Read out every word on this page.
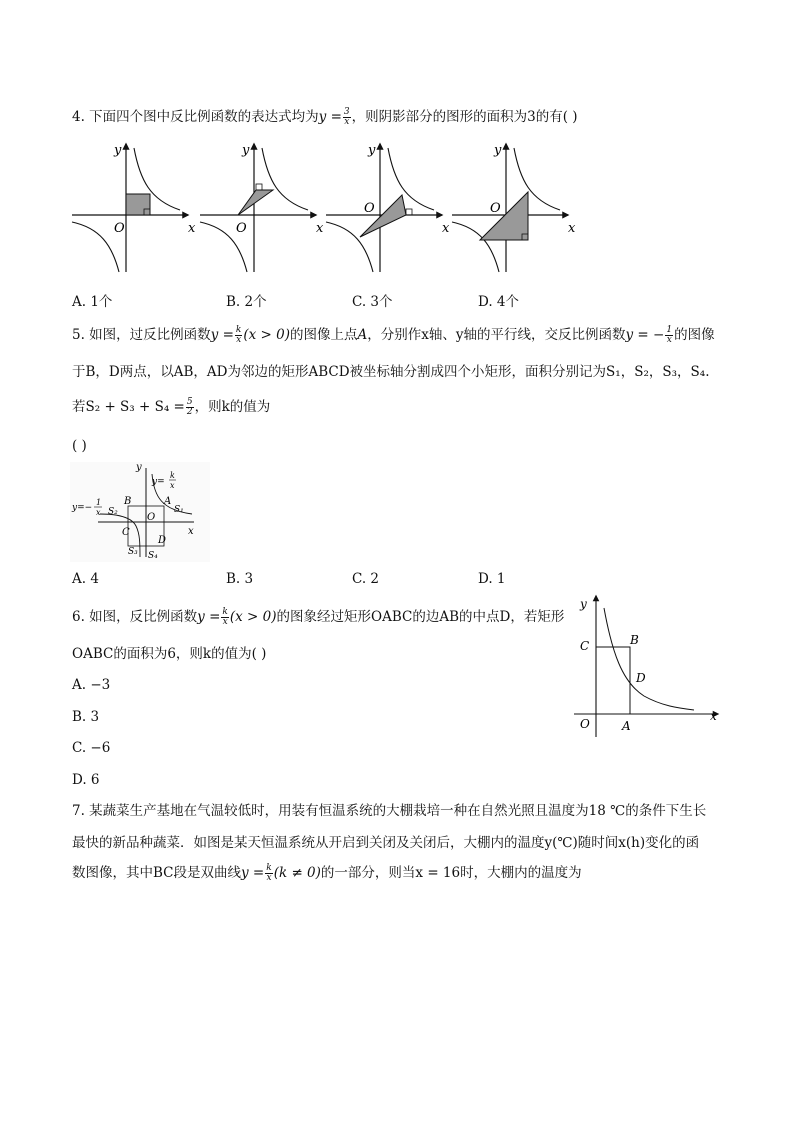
4. 下面四个图中反比例函数的表达式均为$y = \frac{3}{x}$ ，则阴影部分的图形的面积为3的有( )
x
y
O	x
y
O	x
y
O
x
y
O
A. 1个	B. 2个	C. 3个	D. 4个
5. 如图，过反比例函数$y = \frac{k}{x} (x > 0)$的图像上点A，分别作x轴、y轴的平行线，交反比例函数y = − $\frac{1}{x}$ 的图像
于B，D两点，以AB，AD为邻边的矩形ABCD被坐标轴分割成四个小矩形，面积分别记为S₁，S₂，S₃，S₄.
若$S_2 + S_3 + S_4 = \frac{5}{2}$ ，则k的值为
( )
y
y=
k
x
y=−
1
x
B	A
C
D
O
S₁
S₂
S₃ S₄
x
A. 4	B. 3	C. 2	D. 1
6. 如图，反比例函数$y = \frac{k}{x} (x > 0)$的图象经过矩形OABC的边AB的中点D，若矩形
OABC的面积为6，则k的值为( )
A. −3
B. 3
C. −6
D. 6
y
x
O	A
B
C
D
7. 某蔬菜生产基地在气温较低时，用装有恒温系统的大棚栽培一种在自然光照且温度为18 ℃的条件下生长
最快的新品种蔬菜．如图是某天恒温系统从开启到关闭及关闭后，大棚内的温度y(℃)随时间x(h)变化的函
数图像，其中BC段是双曲线$y = \frac{k}{x} (k \ne 0)$的一部分，则当x = 16时，大棚内的温度为
